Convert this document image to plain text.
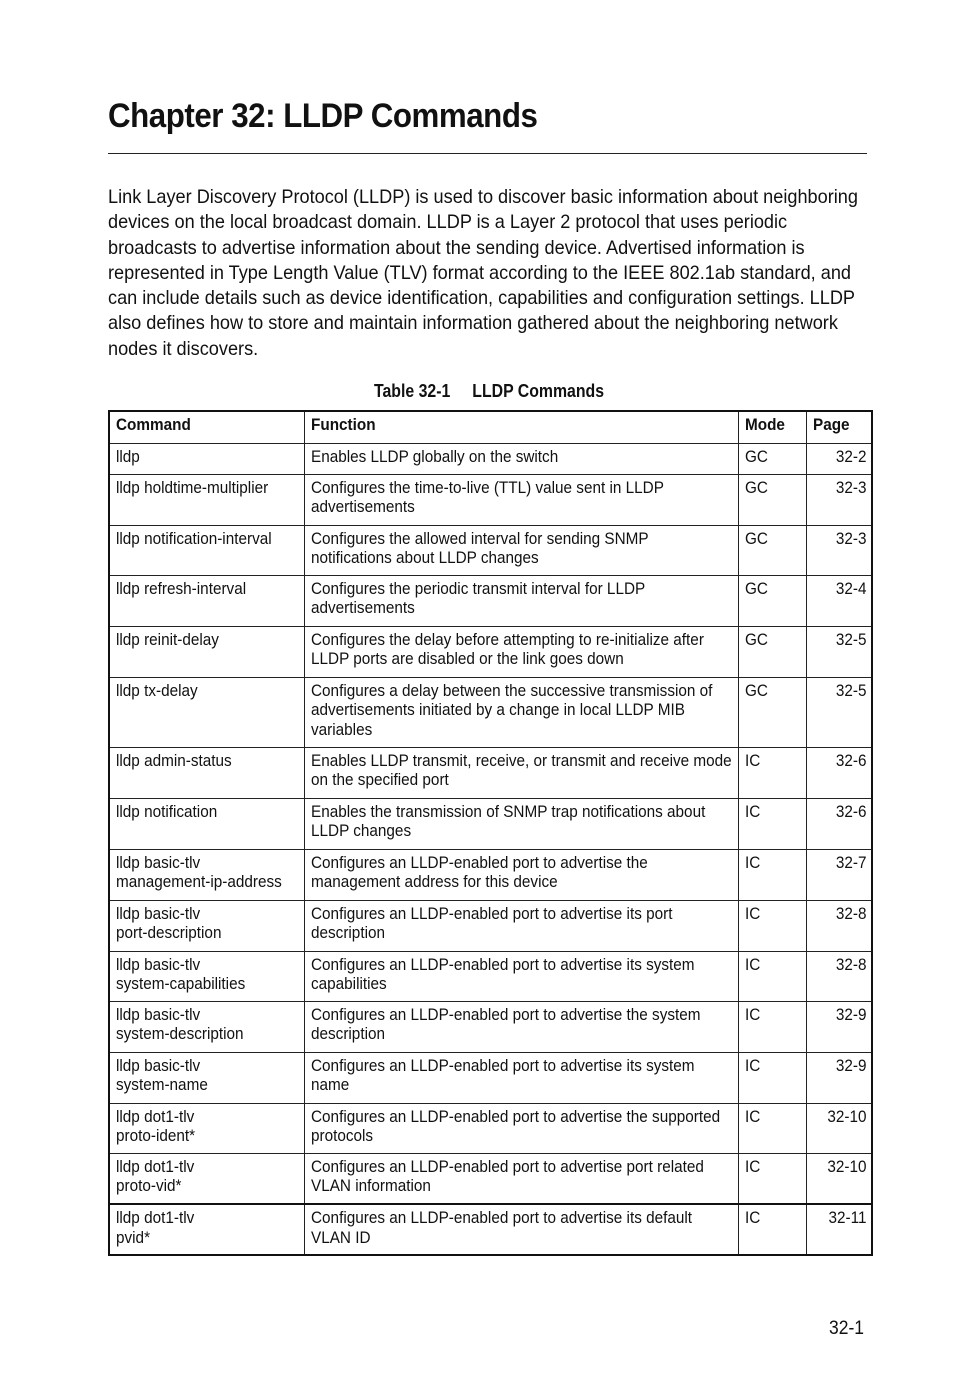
Chapter 32: LLDP Commands
Link Layer Discovery Protocol (LLDP) is used to discover basic information about neighboring devices on the local broadcast domain. LLDP is a Layer 2 protocol that uses periodic broadcasts to advertise information about the sending device. Advertised information is represented in Type Length Value (TLV) format according to the IEEE 802.1ab standard, and can include details such as device identification, capabilities and configuration settings. LLDP also defines how to store and maintain information gathered about the neighboring network nodes it discovers.
Table 32-1     LLDP Commands
Command	Function	Mode	Page

lldp	Enables LLDP globally on the switch	GC	32-2

lldp holdtime-multiplier	Configures the time-to-live (TTL) value sent in LLDP advertisements	GC	32-3

lldp notification-interval	Configures the allowed interval for sending SNMP notifications about LLDP changes	GC	32-3

lldp refresh-interval	Configures the periodic transmit interval for LLDP advertisements	GC	32-4

lldp reinit-delay	Configures the delay before attempting to re-initialize after LLDP ports are disabled or the link goes down	GC	32-5

lldp tx-delay	Configures a delay between the successive transmission of advertisements initiated by a change in local LLDP MIB variables	GC	32-5

lldp admin-status	Enables LLDP transmit, receive, or transmit and receive mode on the specified port	IC	32-6

lldp notification	Enables the transmission of SNMP trap notifications about LLDP changes	IC	32-6

lldp basic-tlv
management-ip-address	Configures an LLDP-enabled port to advertise the management address for this device	IC	32-7

lldp basic-tlv
port-description	Configures an LLDP-enabled port to advertise its port description	IC	32-8

lldp basic-tlv
system-capabilities	Configures an LLDP-enabled port to advertise its system capabilities	IC	32-8

lldp basic-tlv
system-description	Configures an LLDP-enabled port to advertise the system description	IC	32-9

lldp basic-tlv
system-name	Configures an LLDP-enabled port to advertise its system name	IC	32-9

lldp dot1-tlv
proto-ident*	Configures an LLDP-enabled port to advertise the supported protocols	IC	32-10

lldp dot1-tlv
proto-vid*	Configures an LLDP-enabled port to advertise port related VLAN information	IC	32-10

lldp dot1-tlv
pvid*	Configures an LLDP-enabled port to advertise its default VLAN ID	IC	32-11
32-1
